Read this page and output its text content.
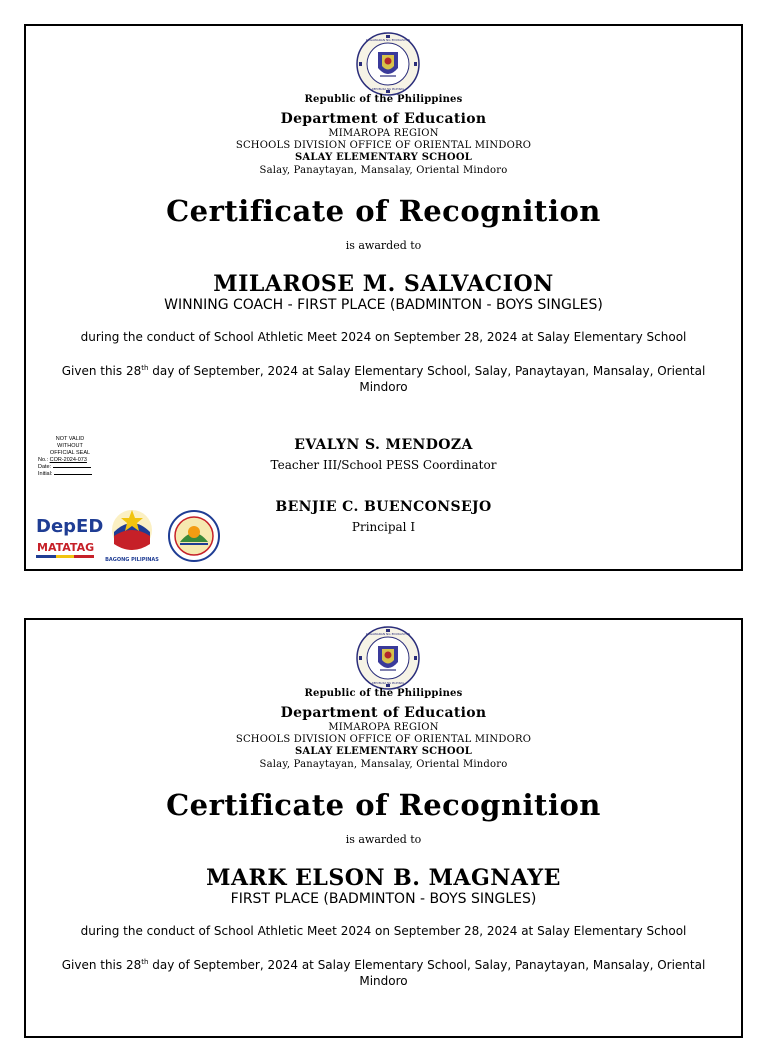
KAGAWARAN NG EDUKASYON
REPUBLIKA NG PILIPINAS
Republic of the Philippines
Department of Education
MIMAROPA REGION
SCHOOLS DIVISION OFFICE OF ORIENTAL MINDORO
SALAY ELEMENTARY SCHOOL
Salay, Panaytayan, Mansalay, Oriental Mindoro
Certificate of Recognition
is awarded to
MILAROSE M. SALVACION
WINNING COACH - FIRST PLACE (BADMINTON - BOYS SINGLES)
during the conduct of School Athletic Meet 2024 on September 28, 2024 at Salay Elementary School
Given this 28th day of September, 2024 at Salay Elementary School, Salay, Panaytayan, Mansalay, Oriental Mindoro
NOT VALID
WITHOUT
OFFICIAL SEAL
No.: COR-2024-073
Date:
Initial:
DepED
MATATAG
BAGONG PILIPINAS
EVALYN S. MENDOZA
Teacher III/School PESS Coordinator
BENJIE C. BUENCONSEJO
Principal I
KAGAWARAN NG EDUKASYON
REPUBLIKA NG PILIPINAS
Republic of the Philippines
Department of Education
MIMAROPA REGION
SCHOOLS DIVISION OFFICE OF ORIENTAL MINDORO
SALAY ELEMENTARY SCHOOL
Salay, Panaytayan, Mansalay, Oriental Mindoro
Certificate of Recognition
is awarded to
MARK ELSON B. MAGNAYE
FIRST PLACE (BADMINTON - BOYS SINGLES)
during the conduct of School Athletic Meet 2024 on September 28, 2024 at Salay Elementary School
Given this 28th day of September, 2024 at Salay Elementary School, Salay, Panaytayan, Mansalay, Oriental Mindoro
